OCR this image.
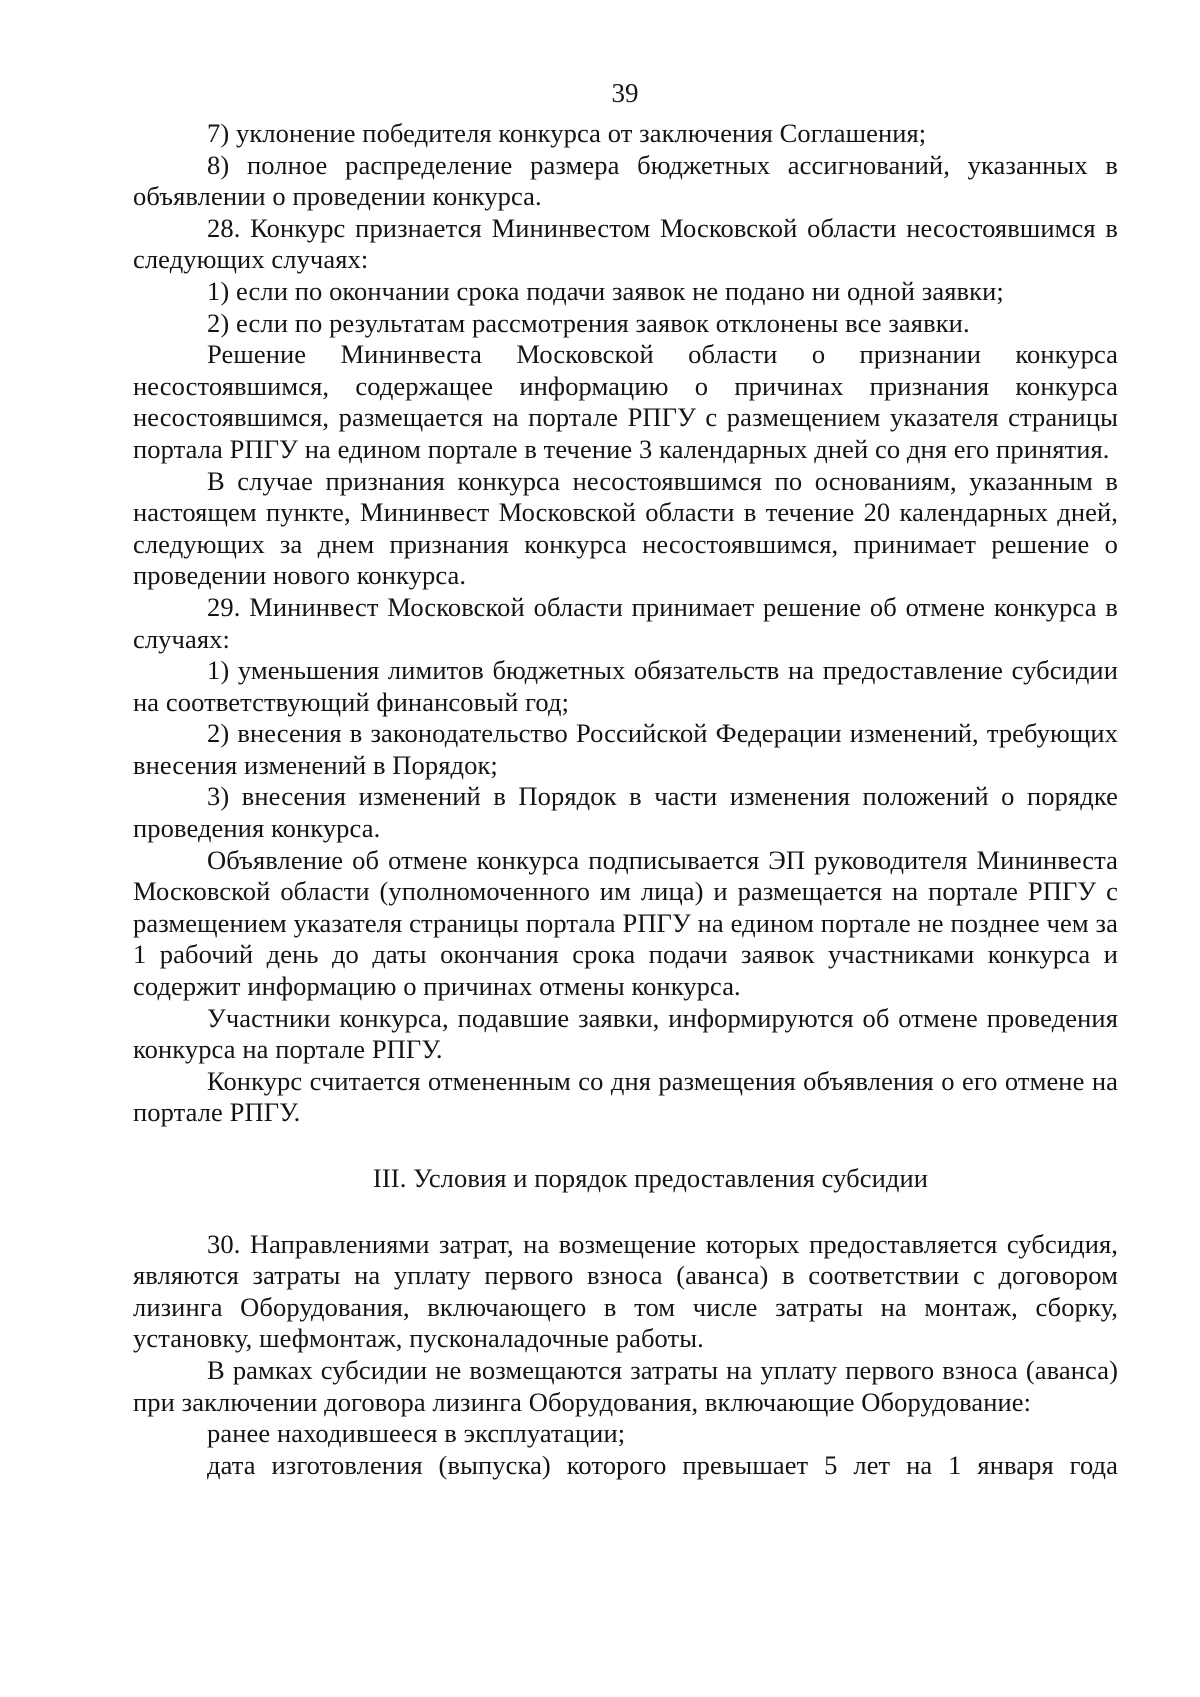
39

7) уклонение победителя конкурса от заключения Соглашения;

8) полное распределение размера бюджетных ассигнований, указанных в объявлении о проведении конкурса.

28. Конкурс признается Мининвестом Московской области несостоявшимся в следующих случаях:

1) если по окончании срока подачи заявок не подано ни одной заявки;

2) если по результатам рассмотрения заявок отклонены все заявки.

Решение Мининвеста Московской области о признании конкурса несостоявшимся, содержащее информацию о причинах признания конкурса несостоявшимся, размещается на портале РПГУ с размещением указателя страницы портала РПГУ на едином портале в течение 3 календарных дней со дня его принятия.

В случае признания конкурса несостоявшимся по основаниям, указанным в настоящем пункте, Мининвест Московской области в течение 20 календарных дней, следующих за днем признания конкурса несостоявшимся, принимает решение о проведении нового конкурса.

29. Мининвест Московской области принимает решение об отмене конкурса в случаях:

1) уменьшения лимитов бюджетных обязательств на предоставление субсидии на соответствующий финансовый год;

2) внесения в законодательство Российской Федерации изменений, требующих внесения изменений в Порядок;

3) внесения изменений в Порядок в части изменения положений о порядке проведения конкурса.

Объявление об отмене конкурса подписывается ЭП руководителя Мининвеста Московской области (уполномоченного им лица) и размещается на портале РПГУ с размещением указателя страницы портала РПГУ на едином портале не позднее чем за 1 рабочий день до даты окончания срока подачи заявок участниками конкурса и содержит информацию о причинах отмены конкурса.

Участники конкурса, подавшие заявки, информируются об отмене проведения конкурса на портале РПГУ.

Конкурс считается отмененным со дня размещения объявления о его отмене на портале РПГУ.

III. Условия и порядок предоставления субсидии

30. Направлениями затрат, на возмещение которых предоставляется субсидия, являются затраты на уплату первого взноса (аванса) в соответствии с договором лизинга Оборудования, включающего в том числе затраты на монтаж, сборку, установку, шефмонтаж, пусконаладочные работы.

В рамках субсидии не возмещаются затраты на уплату первого взноса (аванса) при заключении договора лизинга Оборудования, включающие Оборудование:

ранее находившееся в эксплуатации;

дата изготовления (выпуска) которого превышает 5 лет на 1 января года
